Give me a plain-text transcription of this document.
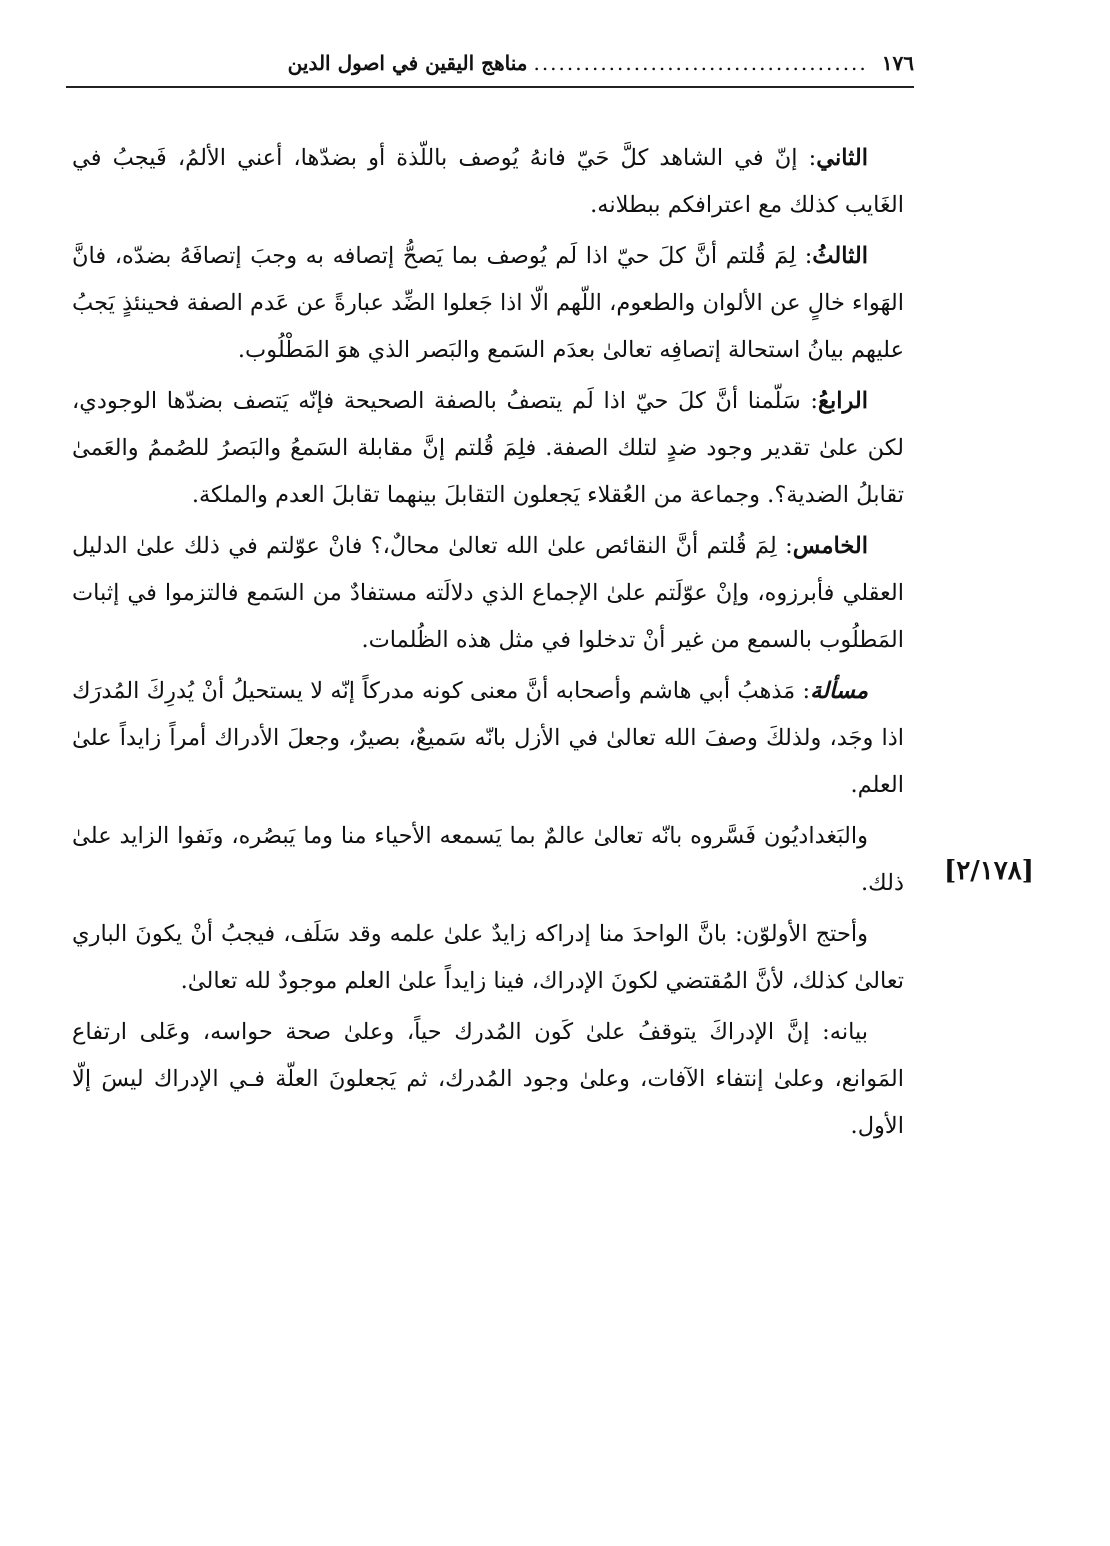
١٧٦
........................................
مناهج اليقين في اصول الدين
[٢/١٧٨]

الثاني: إنّ في الشاهد كلَّ حَيّ فانهُ يُوصف باللّذة أو بضدّها، أعني الألمُ، فَيجبُ في الغَايب كذلك مع اعترافكم ببطلانه.

الثالثُ: لِمَ قُلتم أنَّ كلَ حيّ اذا لَم يُوصف بما يَصحُّ إتصافه به وجبَ إتصافَهُ بضدّه، فانَّ الهَواء خالٍ عن الألوان والطعوم، اللّهم الّا اذا جَعلوا الضِّد عبارةً عن عَدم الصفة فحينئذٍ يَجبُ عليهم بيانُ استحالة إتصافِه تعالىٰ بعدَم السَمع والبَصر الذي هوَ المَطْلُوب.

الرابعُ: سَلّمنا أنَّ كلَ حيّ اذا لَم يتصفُ بالصفة الصحيحة فإنّه يَتصف بضدّها الوجودي، لكن علىٰ تقدير وجود ضدٍ لتلك الصفة. فلِمَ قُلتم إنَّ مقابلة السَمعُ والبَصرُ للصُممُ والعَمىٰ تقابلُ الضدية؟. وجماعة من العُقلاء يَجعلون التقابلَ بينهما تقابلَ العدم والملكة.

الخامس: لِمَ قُلتم أنَّ النقائص علىٰ الله تعالىٰ محالٌ،؟ فانْ عوّلتم في ذلك علىٰ الدليل العقلي فأبرزوه، وإنْ عوّلَتم علىٰ الإجماع الذي دلالَته مستفادٌ من السَمع فالتزموا في إثبات المَطلُوب بالسمع من غير أنْ تدخلوا في مثل هذه الظُلمات.

مسألة: مَذهبُ أبي هاشم وأصحابه أنَّ معنى كونه مدركاً إنّه لا يستحيلُ أنْ يُدرِكَ المُدرَك اذا وجَد، ولذلكَ وصفَ الله تعالىٰ في الأزل بانّه سَميعٌ، بصيرٌ، وجعلَ الأدراك أمراً زايداً علىٰ العلم.

والبَغداديُون فَسَّروه بانّه تعالىٰ عالمٌ بما يَسمعه الأحياء منا وما يَبصُره، ونَفوا الزايد علىٰ ذلك.

وأحتج الأولوّن: بانَّ الواحدَ منا إدراكه زايدٌ علىٰ علمه وقد سَلَف، فيجبُ أنْ يكونَ الباري تعالىٰ كذلك، لأنَّ المُقتضي لكونَ الإدراك، فينا زايداً علىٰ العلم موجودٌ لله تعالىٰ.

بيانه: إنَّ الإدراكَ يتوقفُ علىٰ كَون المُدرك حياً، وعلىٰ صحة حواسه، وعَلى ارتفاع المَوانع، وعلىٰ إنتفاء الآفات، وعلىٰ وجود المُدرك، ثم يَجعلونَ العلّة فـي الإدراك ليسَ إلّا الأول.
